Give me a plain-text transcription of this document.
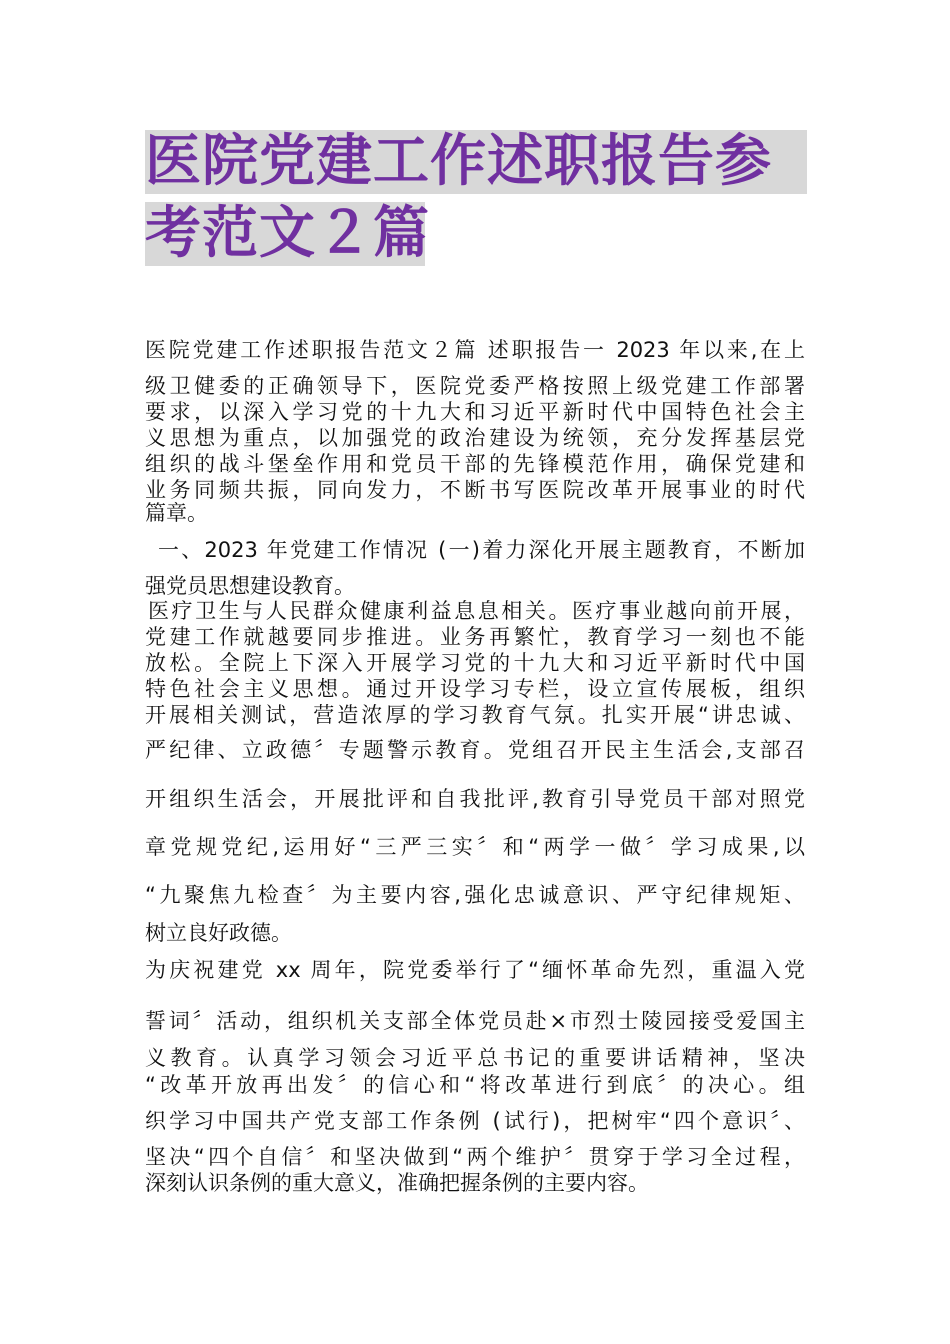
医院党建工作述职报告参
考范文２篇
医院党建工作述职报告范文２篇 述职报告一 2023 年以来,在上
级卫健委的正确领导下，医院党委严格按照上级党建工作部署
要求，以深入学习党的十九大和习近平新时代中国特色社会主
义思想为重点，以加强党的政治建设为统领，充分发挥基层党
组织的战斗堡垒作用和党员干部的先锋模范作用，确保党建和
业务同频共振，同向发力，不断书写医院改革开展事业的时代
篇章。
一、2023 年党建工作情况 (一)着力深化开展主题教育，不断加
强党员思想建设教育。
医疗卫生与人民群众健康利益息息相关。医疗事业越向前开展，
党建工作就越要同步推进。业务再繁忙，教育学习一刻也不能
放松。全院上下深入开展学习党的十九大和习近平新时代中国
特色社会主义思想。通过开设学习专栏，设立宣传展板，组织
开展相关测试，营造浓厚的学习教育气氛。扎实开展“讲忠诚、
严纪律、立政德〞专题警示教育。党组召开民主生活会,支部召
开组织生活会，开展批评和自我批评,教育引导党员干部对照党
章党规党纪,运用好“三严三实〞和“两学一做〞学习成果,以
“九聚焦九检查〞为主要内容,强化忠诚意识、严守纪律规矩、
树立良好政德。
为庆祝建党 xx 周年，院党委举行了“缅怀革命先烈，重温入党
誓词〞活动，组织机关支部全体党员赴×市烈士陵园接受爱国主
义教育。认真学习领会习近平总书记的重要讲话精神，坚决
“改革开放再出发〞的信心和“将改革进行到底〞的决心。组
织学习中国共产党支部工作条例 (试行)，把树牢“四个意识〞、
坚决“四个自信〞和坚决做到“两个维护〞贯穿于学习全过程，
深刻认识条例的重大意义，准确把握条例的主要内容。
